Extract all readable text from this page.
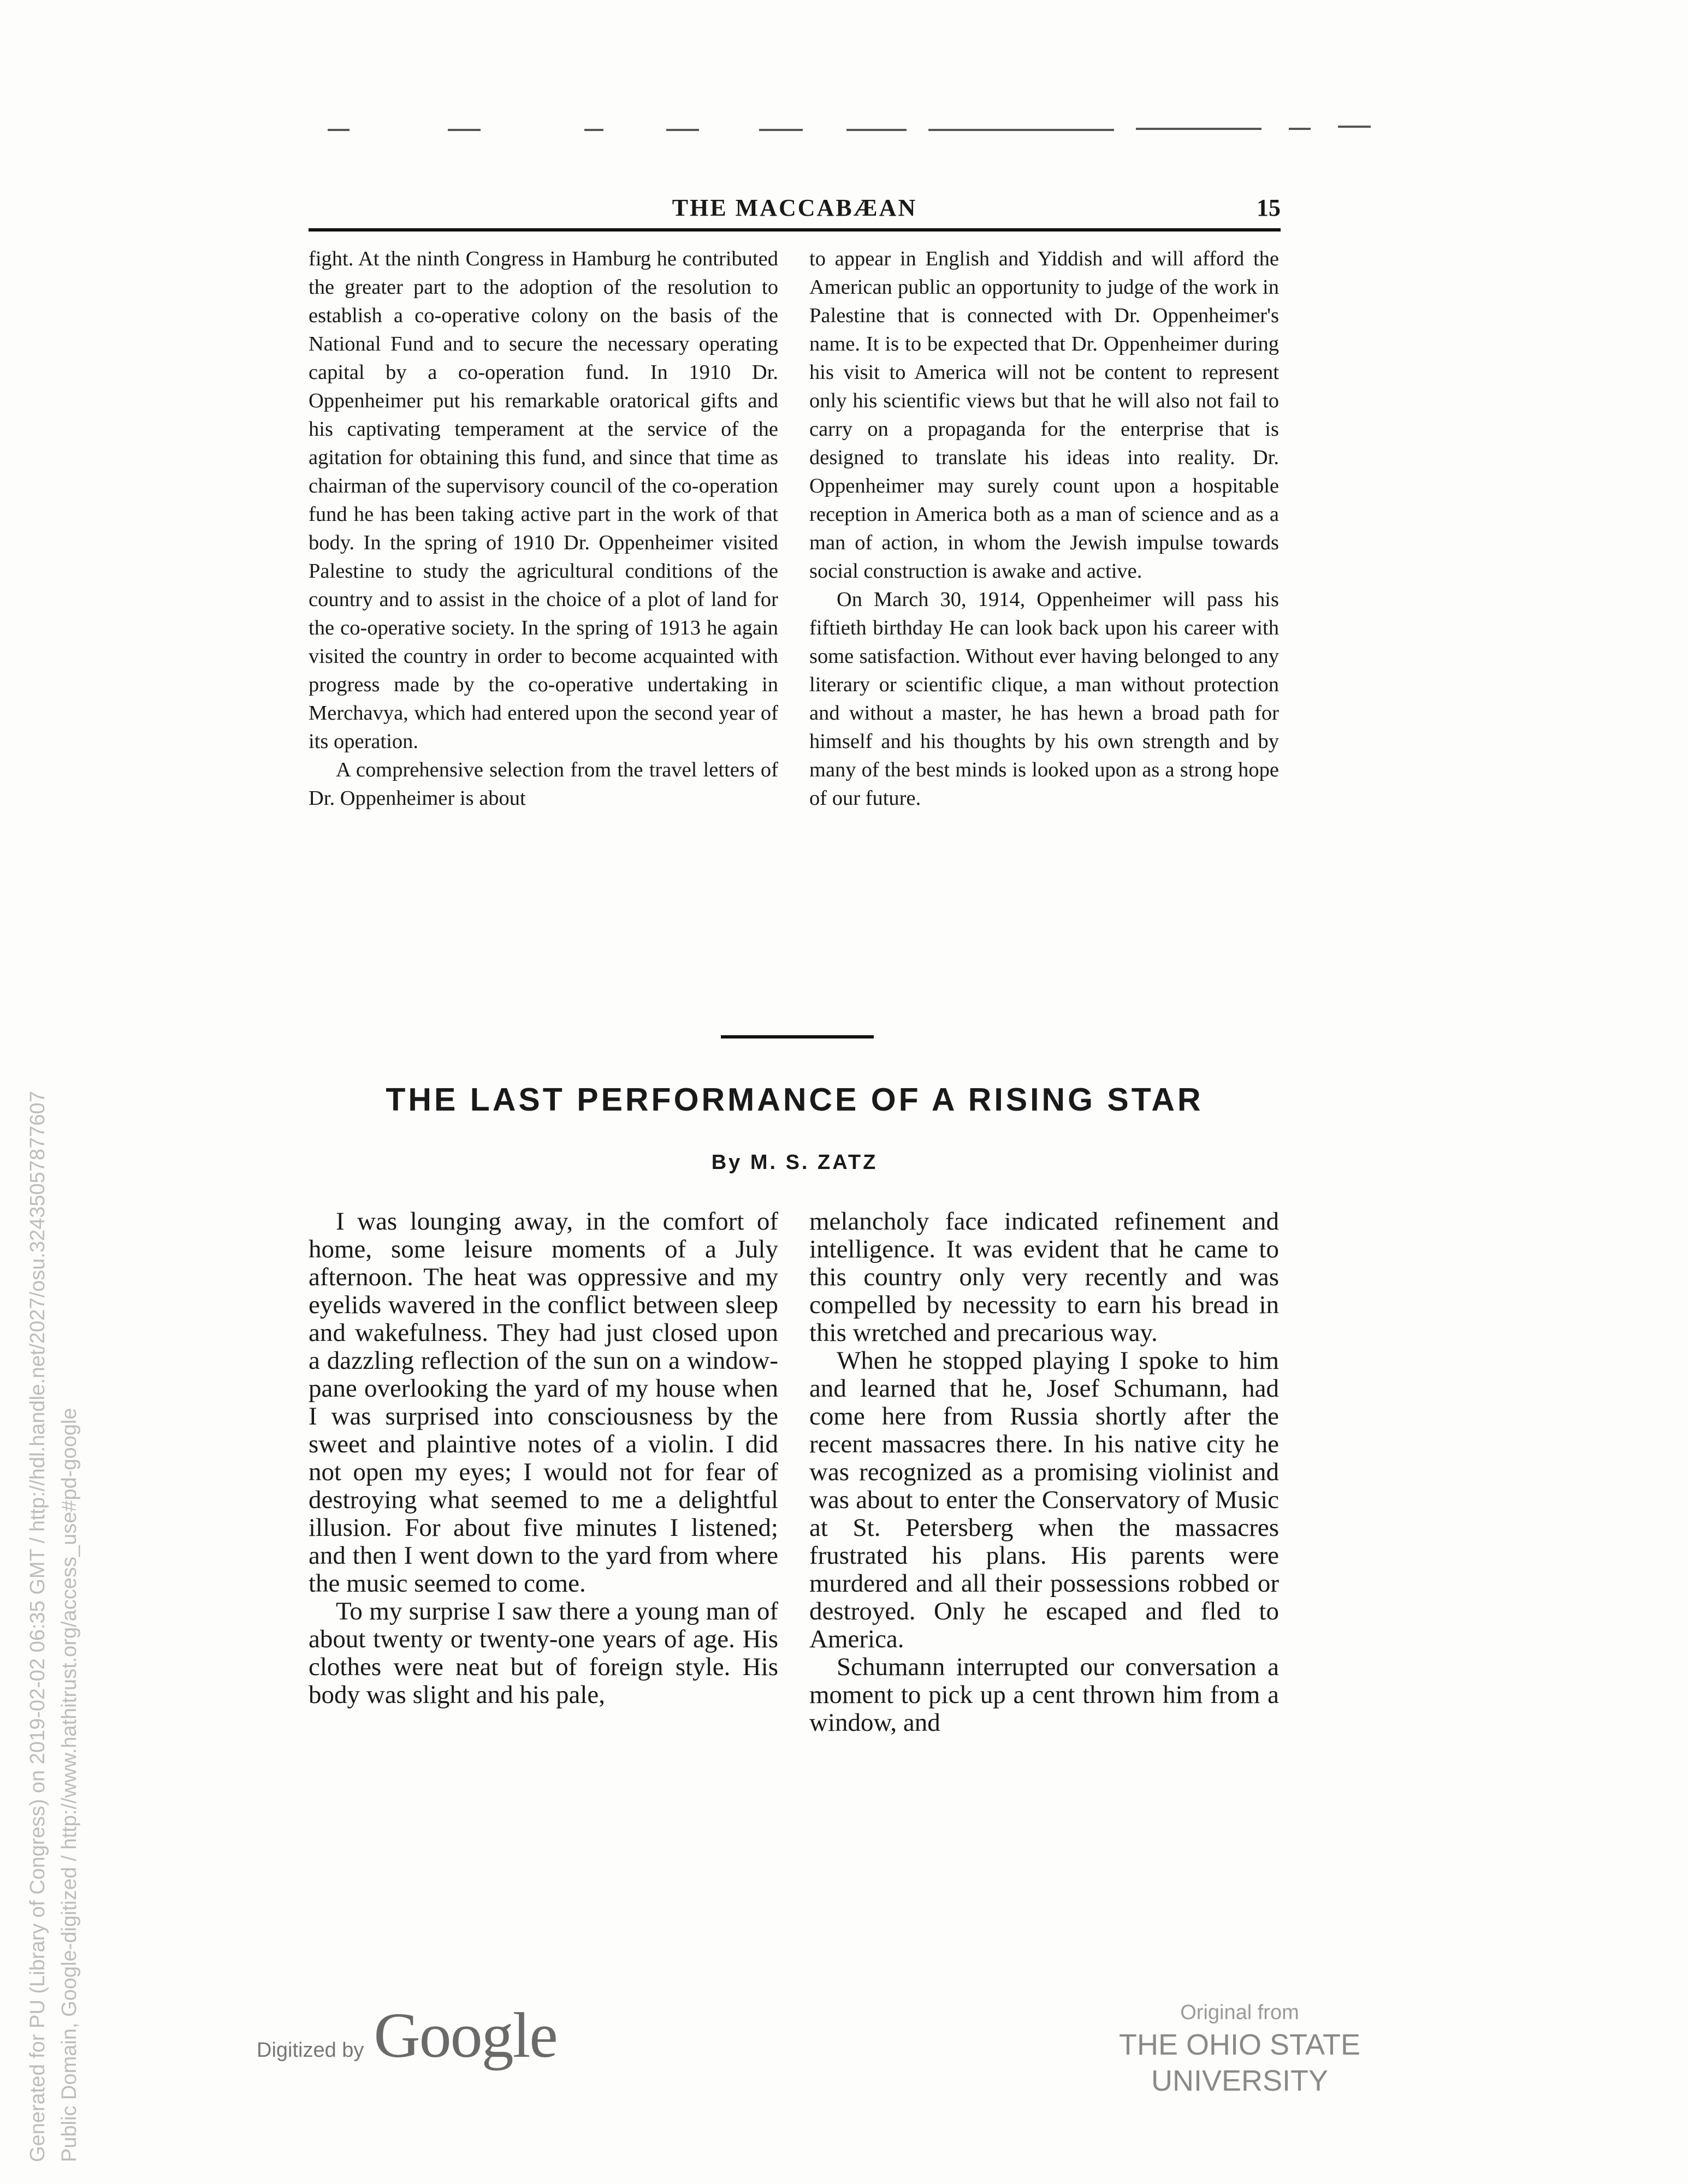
THE MACCABÆAN	15

fight. At the ninth Congress in Hamburg he contributed the greater part to the adoption of the resolution to establish a co-operative colony on the basis of the National Fund and to secure the necessary operating capital by a co-operation fund. In 1910 Dr. Oppenheimer put his remarkable oratorical gifts and his captivating temperament at the service of the agitation for obtaining this fund, and since that time as chairman of the supervisory council of the co-operation fund he has been taking active part in the work of that body. In the spring of 1910 Dr. Oppenheimer visited Palestine to study the agricultural conditions of the country and to assist in the choice of a plot of land for the co-operative society. In the spring of 1913 he again visited the country in order to become acquainted with progress made by the co-operative undertaking in Merchavya, which had entered upon the second year of its operation.

A comprehensive selection from the travel letters of Dr. Oppenheimer is about

to appear in English and Yiddish and will afford the American public an opportunity to judge of the work in Palestine that is connected with Dr. Oppenheimer's name. It is to be expected that Dr. Oppenheimer during his visit to America will not be content to represent only his scientific views but that he will also not fail to carry on a propaganda for the enterprise that is designed to translate his ideas into reality. Dr. Oppenheimer may surely count upon a hospitable reception in America both as a man of science and as a man of action, in whom the Jewish impulse towards social construction is awake and active.

On March 30, 1914, Oppenheimer will pass his fiftieth birthday He can look back upon his career with some satisfaction. Without ever having belonged to any literary or scientific clique, a man without protection and without a master, he has hewn a broad path for himself and his thoughts by his own strength and by many of the best minds is looked upon as a strong hope of our future.

THE LAST PERFORMANCE OF A RISING STAR
By M. S. ZATZ

I was lounging away, in the comfort of home, some leisure moments of a July afternoon. The heat was oppressive and my eyelids wavered in the conflict between sleep and wakefulness. They had just closed upon a dazzling reflection of the sun on a window-pane overlooking the yard of my house when I was surprised into consciousness by the sweet and plaintive notes of a violin. I did not open my eyes; I would not for fear of destroying what seemed to me a delightful illusion. For about five minutes I listened; and then I went down to the yard from where the music seemed to come.

To my surprise I saw there a young man of about twenty or twenty-one years of age. His clothes were neat but of foreign style. His body was slight and his pale,

melancholy face indicated refinement and intelligence. It was evident that he came to this country only very recently and was compelled by necessity to earn his bread in this wretched and precarious way.

When he stopped playing I spoke to him and learned that he, Josef Schumann, had come here from Russia shortly after the recent massacres there. In his native city he was recognized as a promising violinist and was about to enter the Conservatory of Music at St. Petersberg when the massacres frustrated his plans. His parents were murdered and all their possessions robbed or destroyed. Only he escaped and fled to America.

Schumann interrupted our conversation a moment to pick up a cent thrown him from a window, and

Generated for PU (Library of Congress) on 2019-02-02 06:35 GMT / http://hdl.handle.net/2027/osu.32435057877607 Public Domain, Google-digitized / http://www.hathitrust.org/access_use#pd-google	Digitized by Google	Original from
THE OHIO STATE UNIVERSITY
